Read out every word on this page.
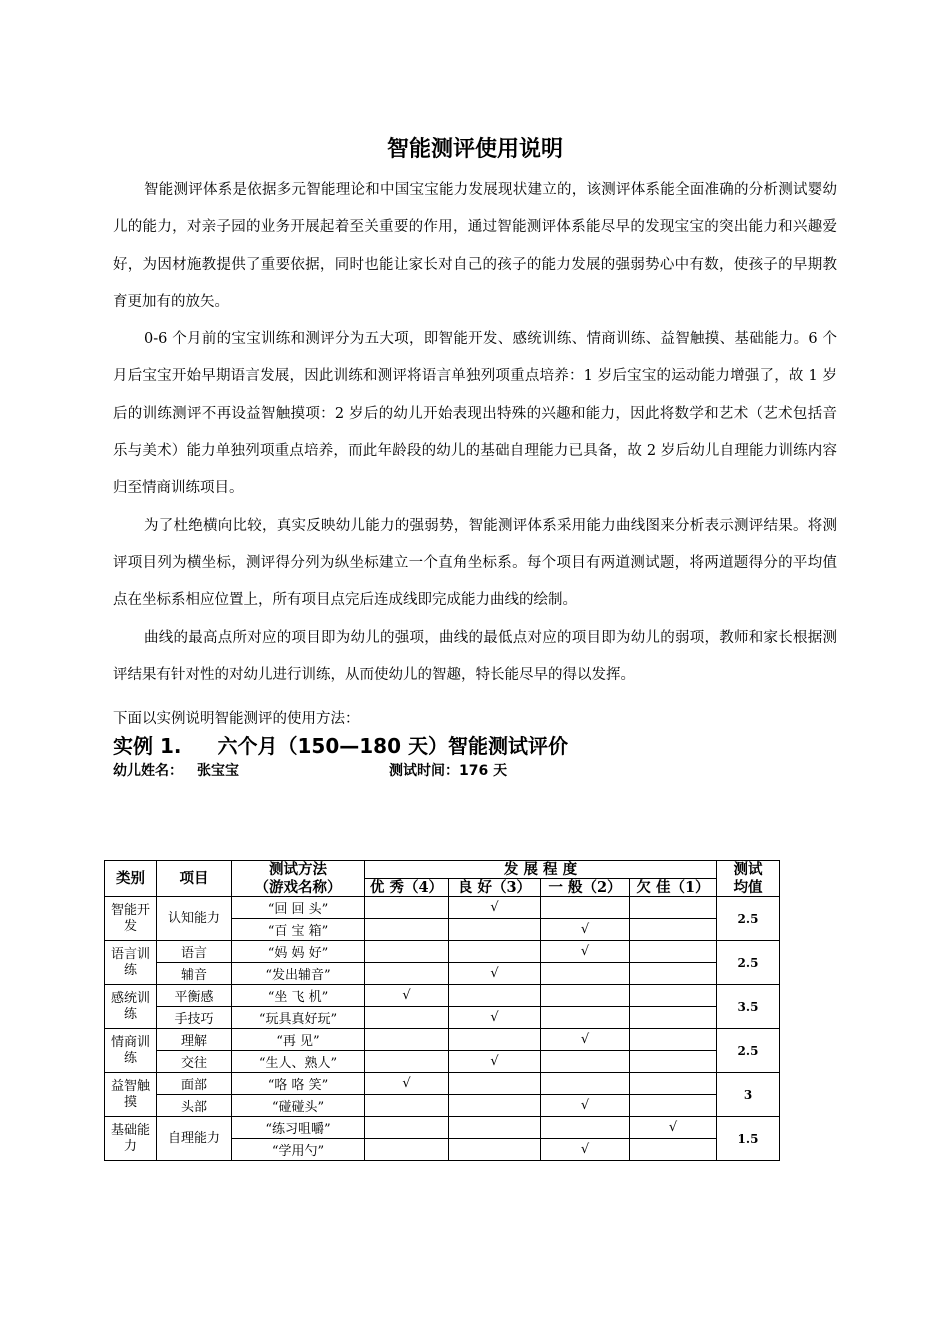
智能测评使用说明

智能测评体系是依据多元智能理论和中国宝宝能力发展现状建立的，该测评体系能全面准确的分析测试婴幼儿的能力，对亲子园的业务开展起着至关重要的作用，通过智能测评体系能尽早的发现宝宝的突出能力和兴趣爱好，为因材施教提供了重要依据，同时也能让家长对自己的孩子的能力发展的强弱势心中有数，使孩子的早期教育更加有的放矢。

0-6 个月前的宝宝训练和测评分为五大项，即智能开发、感统训练、情商训练、益智触摸、基础能力。6 个月后宝宝开始早期语言发展，因此训练和测评将语言单独列项重点培养：1 岁后宝宝的运动能力增强了，故 1 岁后的训练测评不再设益智触摸项：2 岁后的幼儿开始表现出特殊的兴趣和能力，因此将数学和艺术（艺术包括音乐与美术）能力单独列项重点培养，而此年龄段的幼儿的基础自理能力已具备，故 2 岁后幼儿自理能力训练内容归至情商训练项目。

为了杜绝横向比较，真实反映幼儿能力的强弱势，智能测评体系采用能力曲线图来分析表示测评结果。将测评项目列为横坐标，测评得分列为纵坐标建立一个直角坐标系。每个项目有两道测试题，将两道题得分的平均值点在坐标系相应位置上，所有项目点完后连成线即完成能力曲线的绘制。

曲线的最高点所对应的项目即为幼儿的强项，曲线的最低点对应的项目即为幼儿的弱项，教师和家长根据测评结果有针对性的对幼儿进行训练，从而使幼儿的智趣，特长能尽早的得以发挥。

下面以实例说明智能测评的使用方法：
实例 1. 六个月（150—180 天）智能测试评价
幼儿姓名： 张宝宝	测试时间：176 天
类别	项目	测试方法	发 展 程 度				测试
		（游戏名称）	优 秀（4）	良 好（3）	一 般（2）	欠 佳（1）	均值
智能开发	认知能力	“回 回 头”		√			2.5
		“百 宝 箱”			√		
语言训练	语言	“妈 妈 好”			√		2.5
	辅音	“发出辅音”		√			
感统训练	平衡感	“坐 飞 机”	√				3.5
	手技巧	“玩具真好玩”		√			
情商训练	理解	“再 见”			√		2.5
	交往	“生人、熟人”		√			
益智触摸	面部	“咯 咯 笑”	√				3
	头部	“碰碰头”			√		
基础能力	自理能力	“练习咀嚼”				√	1.5
		“学用勺”			√		
